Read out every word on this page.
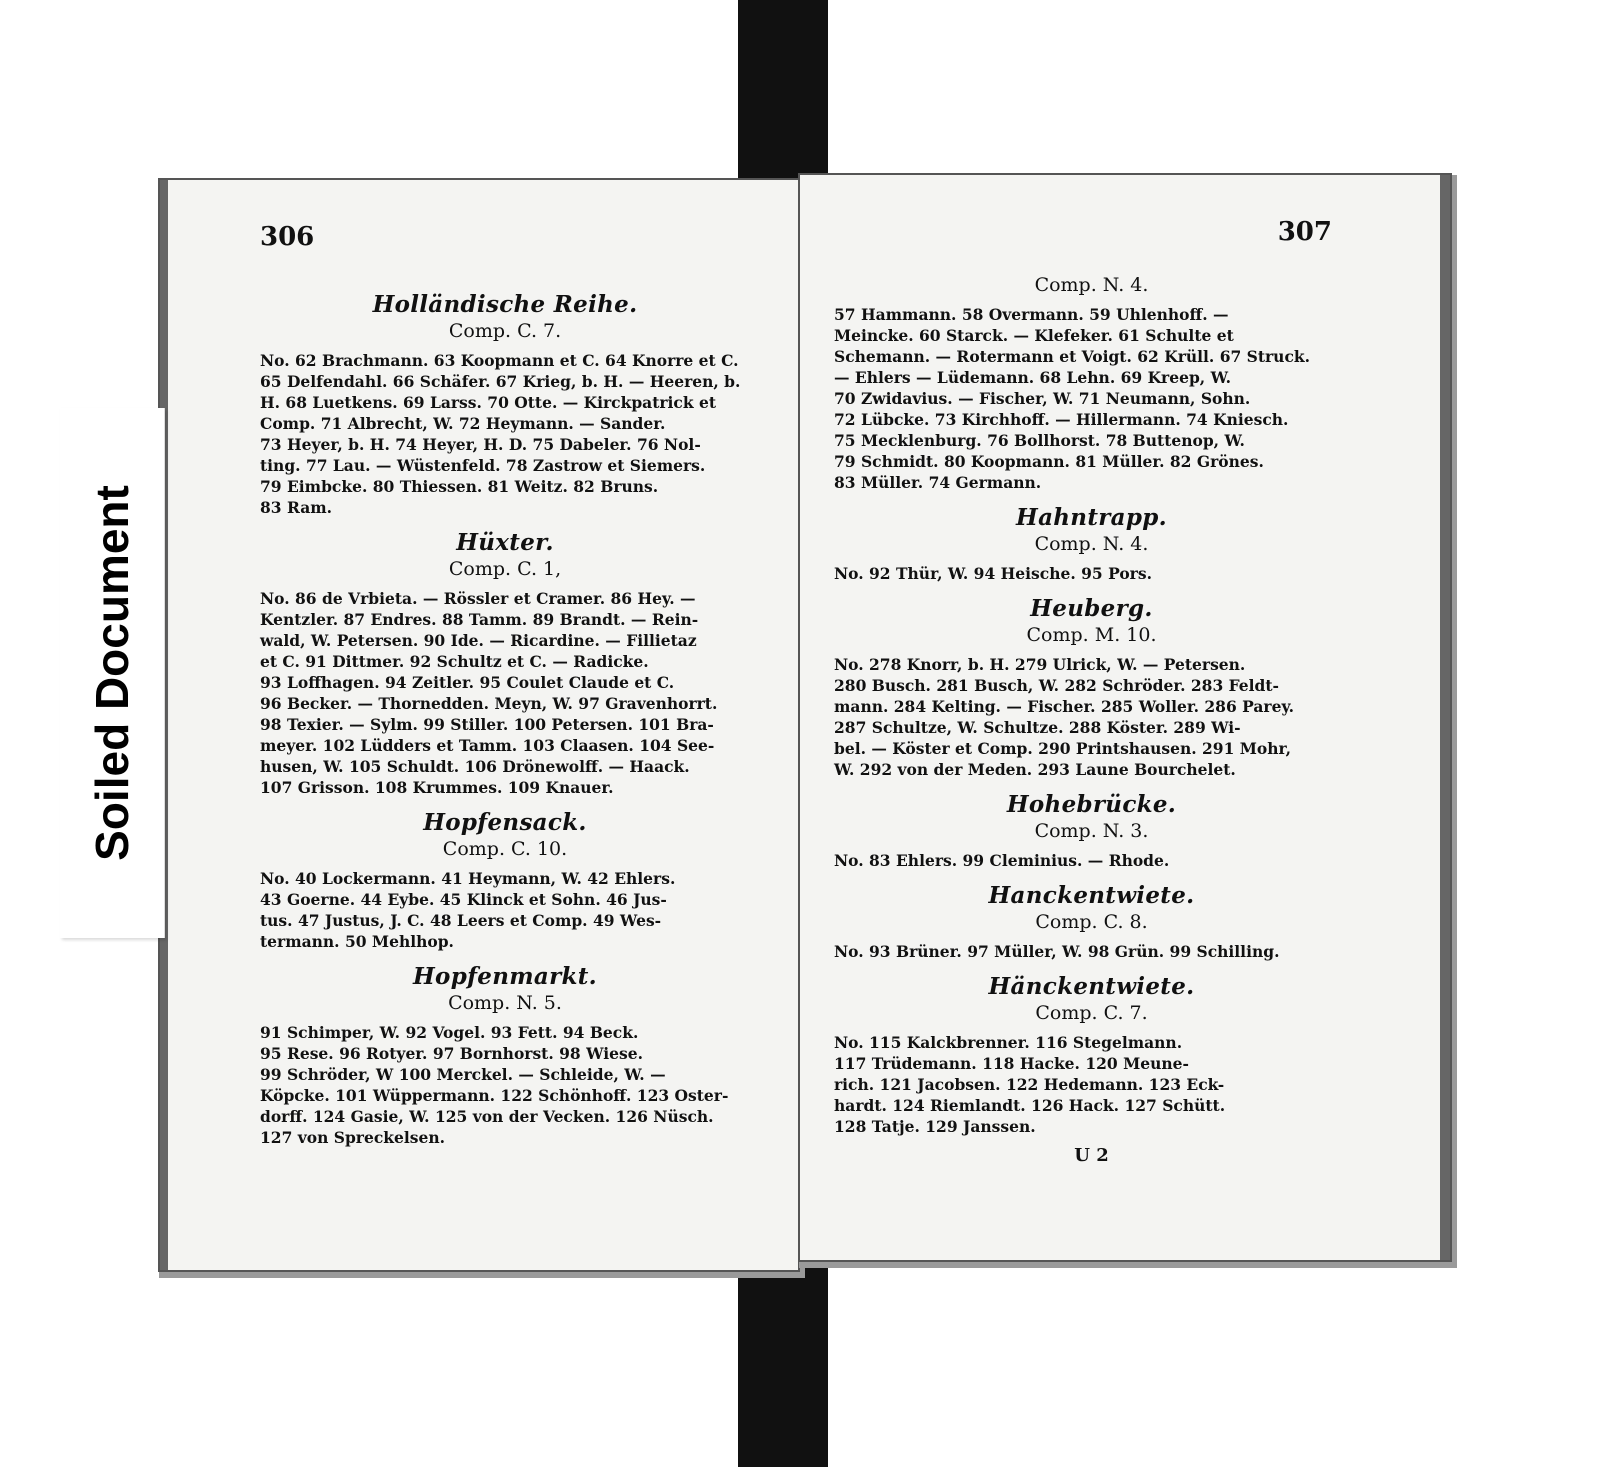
306
Holländische Reihe.
Comp. C. 7.

No. 62 Brachmann. 63 Koopmann et C. 64 Knorre et C.

65 Delfendahl. 66 Schäfer. 67 Krieg, b. H. — Heeren, b.

H. 68 Luetkens. 69 Larss. 70 Otte. — Kirckpatrick et

Comp. 71 Albrecht, W. 72 Heymann. — Sander.

73 Heyer, b. H. 74 Heyer, H. D. 75 Dabeler. 76 Nol-

ting. 77 Lau. — Wüstenfeld. 78 Zastrow et Siemers.

79 Eimbcke. 80 Thiessen. 81 Weitz. 82 Bruns.

83 Ram.

Hüxter.
Comp. C. 1,

No. 86 de Vrbieta. — Rössler et Cramer. 86 Hey. —

Kentzler. 87 Endres. 88 Tamm. 89 Brandt. — Rein-

wald, W. Petersen. 90 Ide. — Ricardine. — Fillietaz

et C. 91 Dittmer. 92 Schultz et C. — Radicke.

93 Loffhagen. 94 Zeitler. 95 Coulet Claude et C.

96 Becker. — Thornedden. Meyn, W. 97 Gravenhorrt.

98 Texier. — Sylm. 99 Stiller. 100 Petersen. 101 Bra-

meyer. 102 Lüdders et Tamm. 103 Claasen. 104 See-

husen, W. 105 Schuldt. 106 Drönewolff. — Haack.

107 Grisson. 108 Krummes. 109 Knauer.

Hopfensack.
Comp. C. 10.

No. 40 Lockermann. 41 Heymann, W. 42 Ehlers.

43 Goerne. 44 Eybe. 45 Klinck et Sohn. 46 Jus-

tus. 47 Justus, J. C. 48 Leers et Comp. 49 Wes-

termann. 50 Mehlhop.

Hopfenmarkt.
Comp. N. 5.

91 Schimper, W. 92 Vogel. 93 Fett. 94 Beck.

95 Rese. 96 Rotyer. 97 Bornhorst. 98 Wiese.

99 Schröder, W 100 Merckel. — Schleide, W. —

Köpcke. 101 Wüppermann. 122 Schönhoff. 123 Oster-

dorff. 124 Gasie, W. 125 von der Vecken. 126 Nüsch.

127 von Spreckelsen.

307
Comp. N. 4.

57 Hammann. 58 Overmann. 59 Uhlenhoff. —

Meincke. 60 Starck. — Klefeker. 61 Schulte et

Schemann. — Rotermann et Voigt. 62 Krüll. 67 Struck.

— Ehlers — Lüdemann. 68 Lehn. 69 Kreep, W.

70 Zwidavius. — Fischer, W. 71 Neumann, Sohn.

72 Lübcke. 73 Kirchhoff. — Hillermann. 74 Kniesch.

75 Mecklenburg. 76 Bollhorst. 78 Buttenop, W.

79 Schmidt. 80 Koopmann. 81 Müller. 82 Grönes.

83 Müller. 74 Germann.

Hahntrapp.
Comp. N. 4.

No. 92 Thür, W. 94 Heische. 95 Pors.

Heuberg.
Comp. M. 10.

No. 278 Knorr, b. H. 279 Ulrick, W. — Petersen.

280 Busch. 281 Busch, W. 282 Schröder. 283 Feldt-

mann. 284 Kelting. — Fischer. 285 Woller. 286 Parey.

287 Schultze, W. Schultze. 288 Köster. 289 Wi-

bel. — Köster et Comp. 290 Printshausen. 291 Mohr,

W. 292 von der Meden. 293 Laune Bourchelet.

Hohebrücke.
Comp. N. 3.

No. 83 Ehlers. 99 Cleminius. — Rhode.

Hanckentwiete.
Comp. C. 8.

No. 93 Brüner. 97 Müller, W. 98 Grün. 99 Schilling.

Hänckentwiete.
Comp. C. 7.

No. 115 Kalckbrenner. 116 Stegelmann.

117 Trüdemann. 118 Hacke. 120 Meune-

rich. 121 Jacobsen. 122 Hedemann. 123 Eck-

hardt. 124 Riemlandt. 126 Hack. 127 Schütt.

128 Tatje. 129 Janssen.

U 2
Soiled Document
